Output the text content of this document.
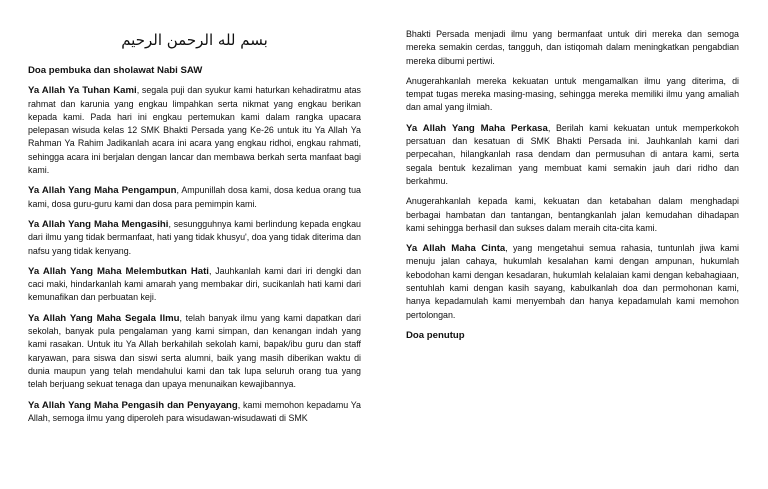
بسم لله الرحمن الرحيم
Doa pembuka dan sholawat Nabi SAW

Ya Allah Ya Tuhan Kami, segala puji dan syukur kami haturkan kehadiratmu atas rahmat dan karunia yang engkau limpahkan serta nikmat yang engkau berikan kepada kami. Pada hari ini engkau pertemukan kami dalam rangka upacara pelepasan wisuda kelas 12 SMK Bhakti Persada yang Ke-26 untuk itu Ya Allah Ya Rahman Ya Rahim Jadikanlah acara ini acara yang engkau ridhoi, engkau rahmati, sehingga acara ini berjalan dengan lancar dan membawa berkah serta manfaat bagi kami.

Ya Allah Yang Maha Pengampun, Ampunillah dosa kami, dosa kedua orang tua kami, dosa guru-guru kami dan dosa para pemimpin kami.

Ya Allah Yang Maha Mengasihi, sesungguhnya kami berlindung kepada engkau dari ilmu yang tidak bermanfaat, hati yang tidak khusyu', doa yang tidak diterima dan nafsu yang tidak kenyang.

Ya Allah Yang Maha Melembutkan Hati, Jauhkanlah kami dari iri dengki dan caci maki, hindarkanlah kami amarah yang membakar diri, sucikanlah hati kami dari kemunafikan dan perbuatan keji.

Ya Allah Yang Maha Segala Ilmu, telah banyak ilmu yang kami dapatkan dari sekolah, banyak pula pengalaman yang kami simpan, dan kenangan indah yang kami rasakan. Untuk itu Ya Allah berkahilah sekolah kami, bapak/ibu guru dan staff karyawan, para siswa dan siswi serta alumni, baik yang masih diberikan waktu di dunia maupun yang telah mendahului kami dan tak lupa seluruh orang tua yang telah berjuang sekuat tenaga dan upaya menunaikan kewajibannya.

Ya Allah Yang Maha Pengasih dan Penyayang, kami memohon kepadamu Ya Allah, semoga ilmu yang diperoleh para wisudawan-wisudawati di SMK

Bhakti Persada menjadi ilmu yang bermanfaat untuk diri mereka dan semoga mereka semakin cerdas, tangguh, dan istiqomah dalam meningkatkan pengabdian mereka dibumi pertiwi.

Anugerahkanlah mereka kekuatan untuk mengamalkan ilmu yang diterima, di tempat tugas mereka masing-masing, sehingga mereka memiliki ilmu yang amaliah dan amal yang ilmiah.

Ya Allah Yang Maha Perkasa, Berilah kami kekuatan untuk memperkokoh persatuan dan kesatuan di SMK Bhakti Persada ini. Jauhkanlah kami dari perpecahan, hilangkanlah rasa dendam dan permusuhan di antara kami, serta segala bentuk kezaliman yang membuat kami semakin jauh dari ridho dan berkahmu.

Anugerahkanlah kepada kami, kekuatan dan ketabahan dalam menghadapi berbagai hambatan dan tantangan, bentangkanlah jalan kemudahan dihadapan kami sehingga berhasil dan sukses dalam meraih cita-cita kami.

Ya Allah Maha Cinta, yang mengetahui semua rahasia, tuntunlah jiwa kami menuju jalan cahaya, hukumlah kesalahan kami dengan ampunan, hukumlah kebodohan kami dengan kesadaran, hukumlah kelalaian kami dengan kebahagiaan, sentuhlah kami dengan kasih sayang, kabulkanlah doa dan permohonan kami, hanya kepadamulah kami menyembah dan hanya kepadamulah kami memohon pertolongan.

Doa penutup
